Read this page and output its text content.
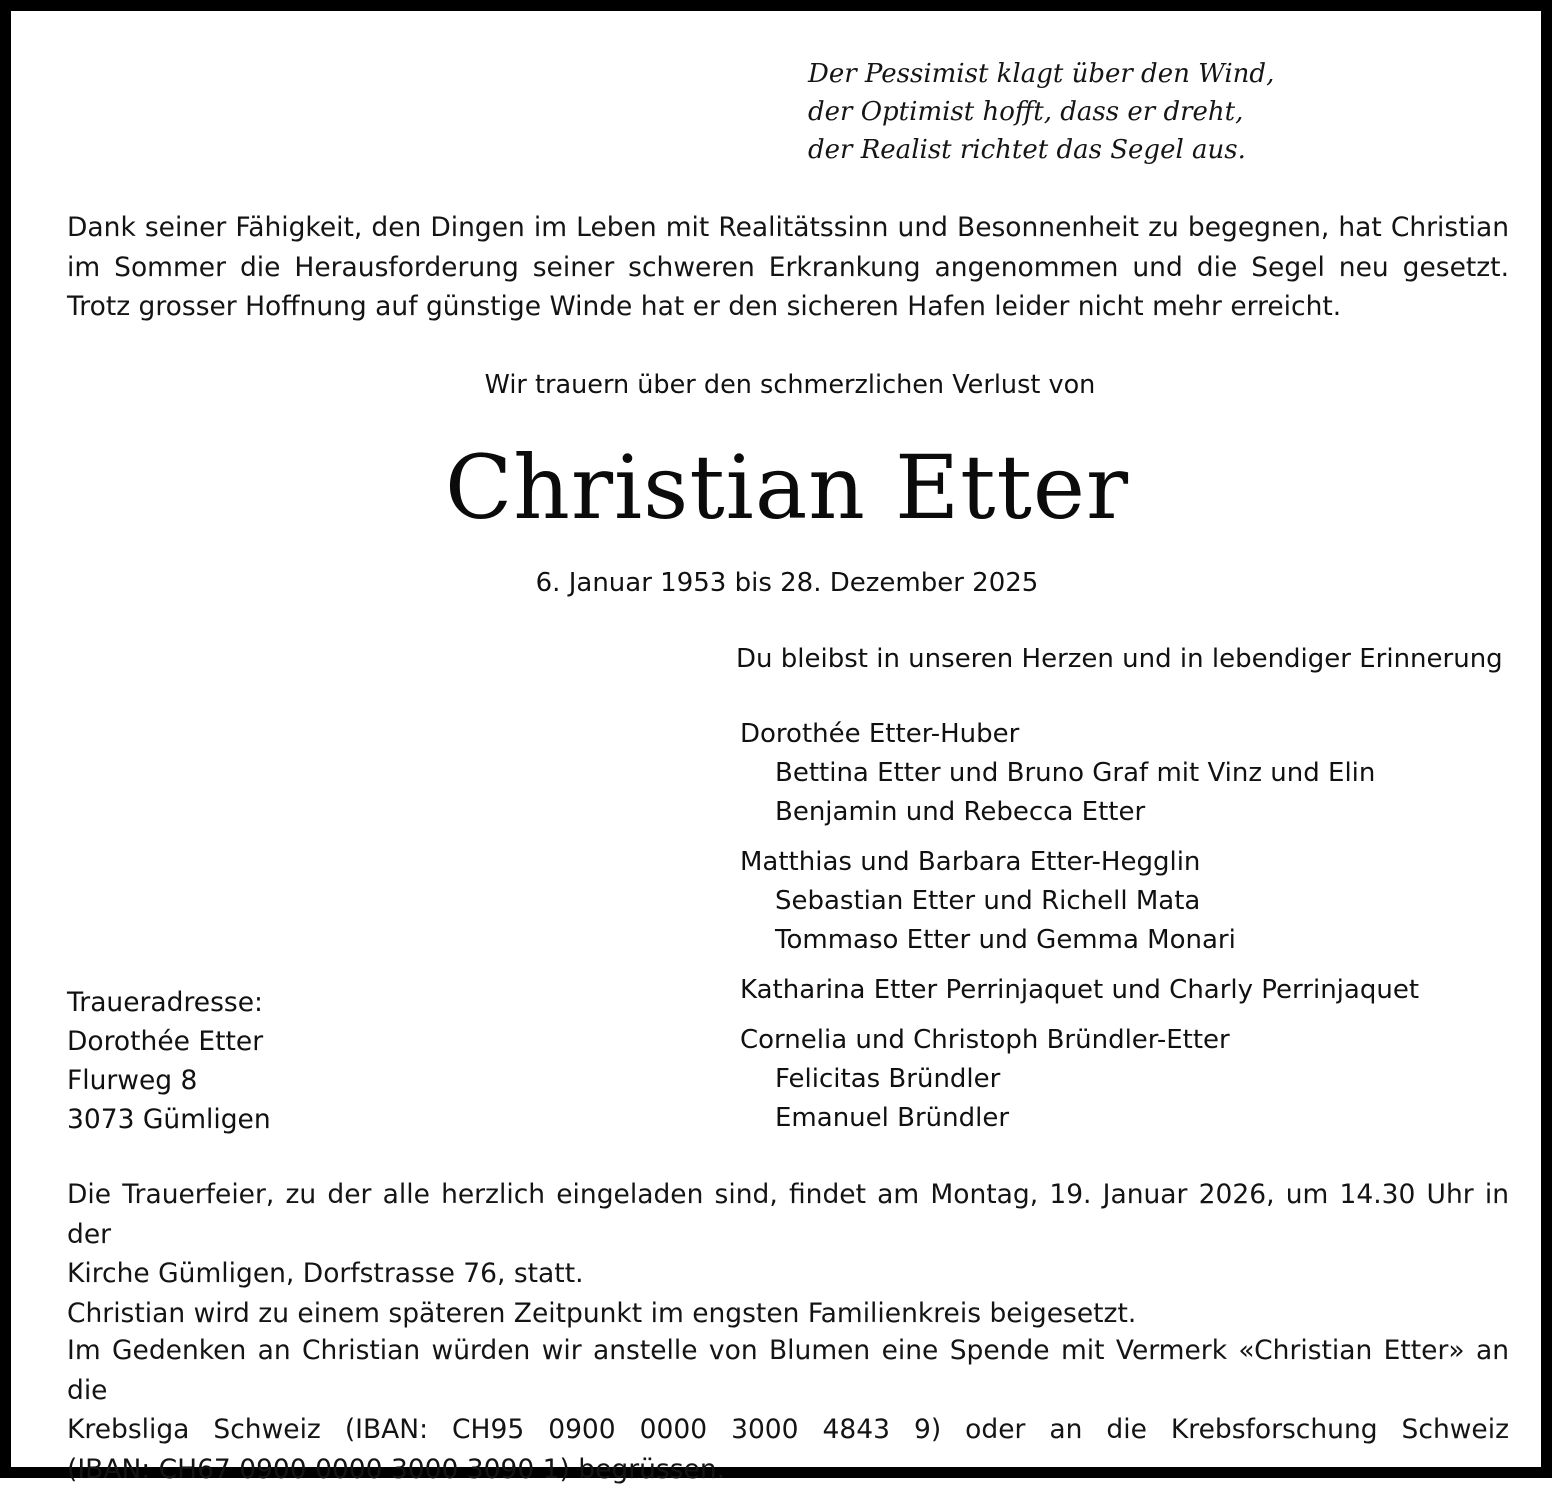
Der Pessimist klagt über den Wind,
der Optimist hofft, dass er dreht,
der Realist richtet das Segel aus.
Dank seiner Fähigkeit, den Dingen im Leben mit Realitätssinn und Besonnenheit zu begegnen, hat Christian
im Sommer die Herausforderung seiner schweren Erkrankung angenommen und die Segel neu gesetzt.
Trotz grosser Hoffnung auf günstige Winde hat er den sicheren Hafen leider nicht mehr erreicht.
Wir trauern über den schmerzlichen Verlust von
Christian Etter
6. Januar 1953 bis 28. Dezember 2025
Du bleibst in unseren Herzen und in lebendiger Erinnerung
Dorothée Etter-Huber
Bettina Etter und Bruno Graf mit Vinz und Elin
Benjamin und Rebecca Etter
Matthias und Barbara Etter-Hegglin
Sebastian Etter und Richell Mata
Tommaso Etter und Gemma Monari
Katharina Etter Perrinjaquet und Charly Perrinjaquet
Cornelia und Christoph Bründler-Etter
Felicitas Bründler
Emanuel Bründler
Traueradresse:
Dorothée Etter
Flurweg 8
3073 Gümligen
Die Trauerfeier, zu der alle herzlich eingeladen sind, findet am Montag, 19. Januar 2026, um 14.30 Uhr in der
Kirche Gümligen, Dorfstrasse 76, statt.
Christian wird zu einem späteren Zeitpunkt im engsten Familienkreis beigesetzt.
Im Gedenken an Christian würden wir anstelle von Blumen eine Spende mit Vermerk «Christian Etter» an die
Krebsliga Schweiz (IBAN: CH95 0900 0000 3000 4843 9) oder an die Krebsforschung Schweiz
(IBAN: CH67 0900 0000 3000 3090 1) begrüssen.
